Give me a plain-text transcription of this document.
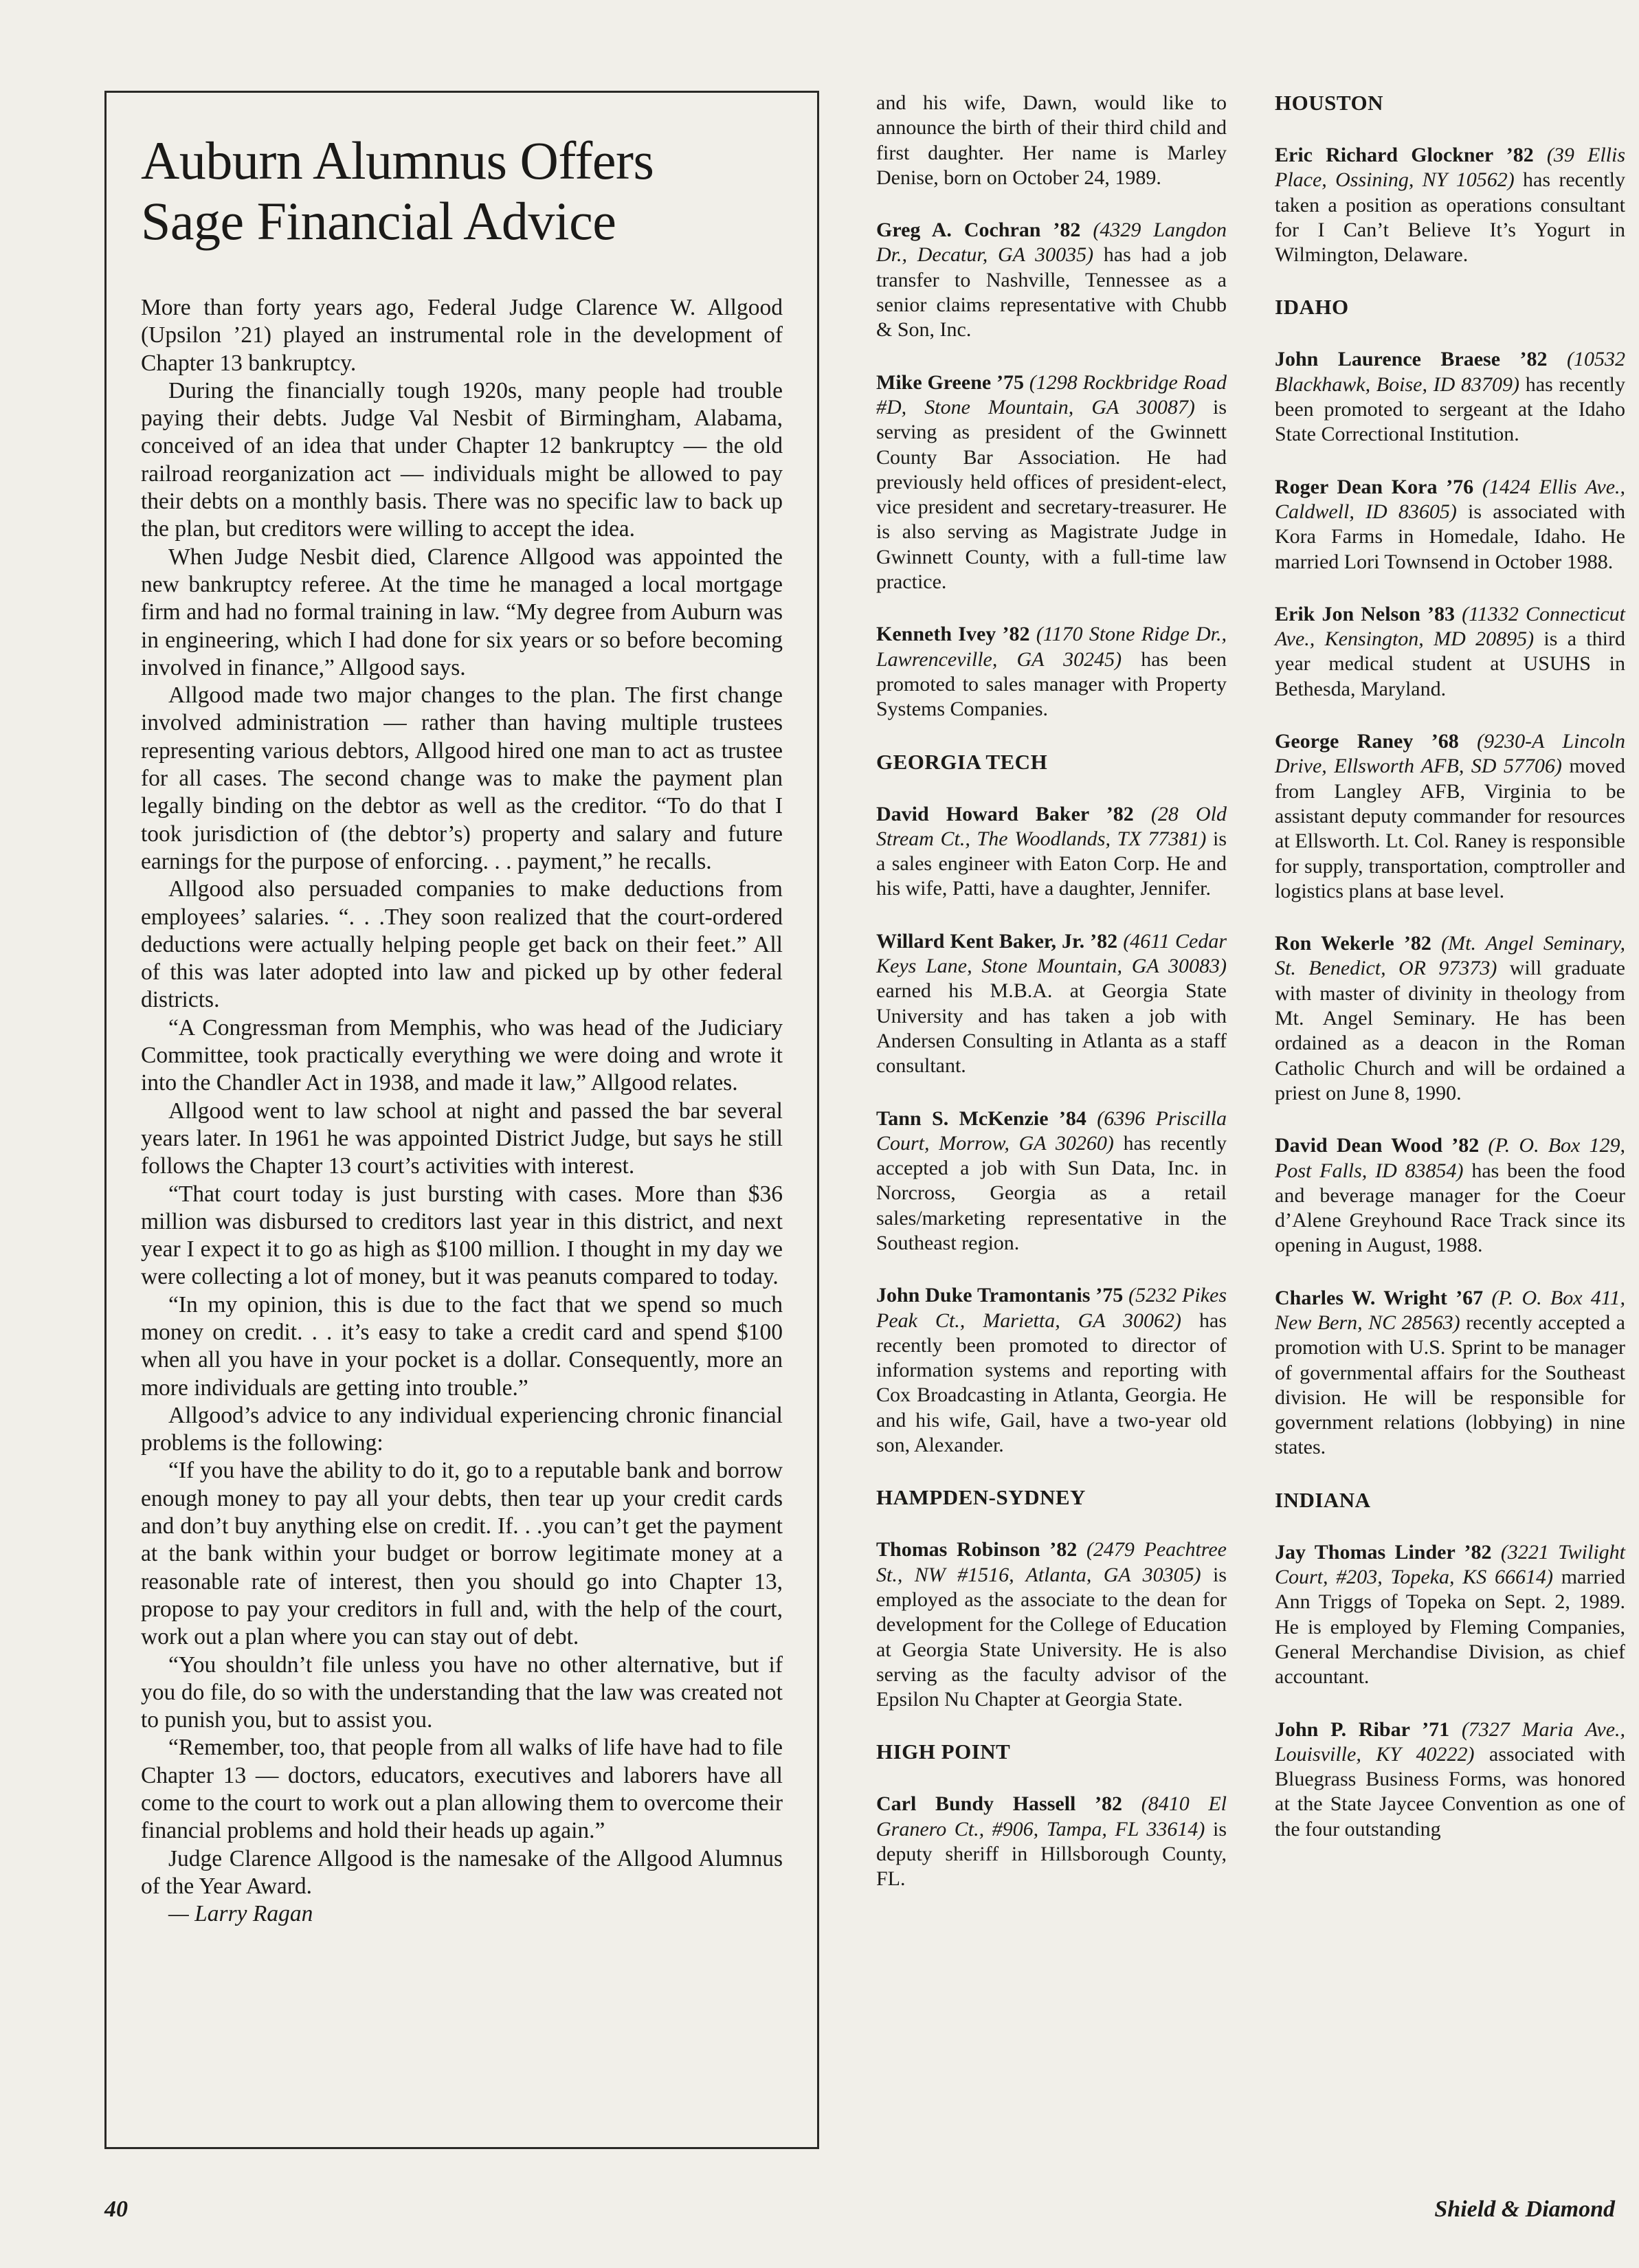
Auburn Alumnus Offers
Sage Financial Advice

More than forty years ago, Federal Judge Clarence W. Allgood (Upsilon ’21) played an instrumental role in the development of Chapter 13 bankruptcy.

During the financially tough 1920s, many people had trouble paying their debts. Judge Val Nesbit of Birmingham, Alabama, conceived of an idea that under Chapter 12 bankruptcy — the old railroad reorganization act — individuals might be allowed to pay their debts on a monthly basis. There was no specific law to back up the plan, but creditors were willing to accept the idea.

When Judge Nesbit died, Clarence Allgood was appointed the new bankruptcy referee. At the time he managed a local mortgage firm and had no formal training in law. “My degree from Auburn was in engineering, which I had done for six years or so before becoming involved in finance,” Allgood says.

Allgood made two major changes to the plan. The first change involved administration — rather than having multiple trustees representing various debtors, Allgood hired one man to act as trustee for all cases. The second change was to make the payment plan legally binding on the debtor as well as the creditor. “To do that I took jurisdiction of (the debtor’s) property and salary and future earnings for the purpose of enforcing. . . payment,” he recalls.

Allgood also persuaded companies to make deductions from employees’ salaries. “. . .They soon realized that the court-ordered deductions were actually helping people get back on their feet.” All of this was later adopted into law and picked up by other federal districts.

“A Congressman from Memphis, who was head of the Judiciary Committee, took practically everything we were doing and wrote it into the Chandler Act in 1938, and made it law,” Allgood relates.

Allgood went to law school at night and passed the bar several years later. In 1961 he was appointed District Judge, but says he still follows the Chapter 13 court’s activities with interest.

“That court today is just bursting with cases. More than $36 million was disbursed to creditors last year in this district, and next year I expect it to go as high as $100 million. I thought in my day we were collecting a lot of money, but it was peanuts compared to today.

“In my opinion, this is due to the fact that we spend so much money on credit. . . it’s easy to take a credit card and spend $100 when all you have in your pocket is a dollar. Consequently, more an more individuals are getting into trouble.”

Allgood’s advice to any individual experiencing chronic financial problems is the following:

“If you have the ability to do it, go to a reputable bank and borrow enough money to pay all your debts, then tear up your credit cards and don’t buy anything else on credit. If. . .you can’t get the payment at the bank within your budget or borrow legitimate money at a reasonable rate of interest, then you should go into Chapter 13, propose to pay your creditors in full and, with the help of the court, work out a plan where you can stay out of debt.

“You shouldn’t file unless you have no other alternative, but if you do file, do so with the understanding that the law was created not to punish you, but to assist you.

“Remember, too, that people from all walks of life have had to file Chapter 13 — doctors, educators, executives and laborers have all come to the court to work out a plan allowing them to overcome their financial problems and hold their heads up again.”

Judge Clarence Allgood is the namesake of the Allgood Alumnus of the Year Award.

— Larry Ragan

and his wife, Dawn, would like to announce the birth of their third child and first daughter. Her name is Marley Denise, born on October 24, 1989.

Greg A. Cochran ’82 (4329 Langdon Dr., Decatur, GA 30035) has had a job transfer to Nashville, Tennessee as a senior claims representative with Chubb & Son, Inc.

Mike Greene ’75 (1298 Rockbridge Road #D, Stone Mountain, GA 30087) is serving as president of the Gwinnett County Bar Association. He had previously held offices of president-elect, vice president and secretary-treasurer. He is also serving as Magistrate Judge in Gwinnett County, with a full-time law practice.

Kenneth Ivey ’82 (1170 Stone Ridge Dr., Lawrenceville, GA 30245) has been promoted to sales manager with Property Systems Companies.

GEORGIA TECH

David Howard Baker ’82 (28 Old Stream Ct., The Woodlands, TX 77381) is a sales engineer with Eaton Corp. He and his wife, Patti, have a daughter, Jennifer.

Willard Kent Baker, Jr. ’82 (4611 Cedar Keys Lane, Stone Mountain, GA 30083) earned his M.B.A. at Georgia State University and has taken a job with Andersen Consulting in Atlanta as a staff consultant.

Tann S. McKenzie ’84 (6396 Priscilla Court, Morrow, GA 30260) has recently accepted a job with Sun Data, Inc. in Norcross, Georgia as a retail sales/marketing representative in the Southeast region.

John Duke Tramontanis ’75 (5232 Pikes Peak Ct., Marietta, GA 30062) has recently been promoted to director of information systems and reporting with Cox Broadcasting in Atlanta, Georgia. He and his wife, Gail, have a two-year old son, Alexander.

HAMPDEN-SYDNEY

Thomas Robinson ’82 (2479 Peachtree St., NW #1516, Atlanta, GA 30305) is employed as the associate to the dean for development for the College of Education at Georgia State University. He is also serving as the faculty advisor of the Epsilon Nu Chapter at Georgia State.

HIGH POINT

Carl Bundy Hassell ’82 (8410 El Granero Ct., #906, Tampa, FL 33614) is deputy sheriff in Hillsborough County, FL.

HOUSTON

Eric Richard Glockner ’82 (39 Ellis Place, Ossining, NY 10562) has recently taken a position as operations consultant for I Can’t Believe It’s Yogurt in Wilmington, Delaware.

IDAHO

John Laurence Braese ’82 (10532 Blackhawk, Boise, ID 83709) has recently been promoted to sergeant at the Idaho State Correctional Institution.

Roger Dean Kora ’76 (1424 Ellis Ave., Caldwell, ID 83605) is associated with Kora Farms in Homedale, Idaho. He married Lori Townsend in October 1988.

Erik Jon Nelson ’83 (11332 Connecticut Ave., Kensington, MD 20895) is a third year medical student at USUHS in Bethesda, Maryland.

George Raney ’68 (9230-A Lincoln Drive, Ellsworth AFB, SD 57706) moved from Langley AFB, Virginia to be assistant deputy commander for resources at Ellsworth. Lt. Col. Raney is responsible for supply, transportation, comptroller and logistics plans at base level.

Ron Wekerle ’82 (Mt. Angel Seminary, St. Benedict, OR 97373) will graduate with master of divinity in theology from Mt. Angel Seminary. He has been ordained as a deacon in the Roman Catholic Church and will be ordained a priest on June 8, 1990.

David Dean Wood ’82 (P. O. Box 129, Post Falls, ID 83854) has been the food and beverage manager for the Coeur d’Alene Greyhound Race Track since its opening in August, 1988.

Charles W. Wright ’67 (P. O. Box 411, New Bern, NC 28563) recently accepted a promotion with U.S. Sprint to be manager of governmental affairs for the Southeast division. He will be responsible for government relations (lobbying) in nine states.

INDIANA

Jay Thomas Linder ’82 (3221 Twilight Court, #203, Topeka, KS 66614) married Ann Triggs of Topeka on Sept. 2, 1989. He is employed by Fleming Companies, General Merchandise Division, as chief accountant.

John P. Ribar ’71 (7327 Maria Ave., Louisville, KY 40222) associated with Bluegrass Business Forms, was honored at the State Jaycee Convention as one of the four outstanding

40	Shield & Diamond
